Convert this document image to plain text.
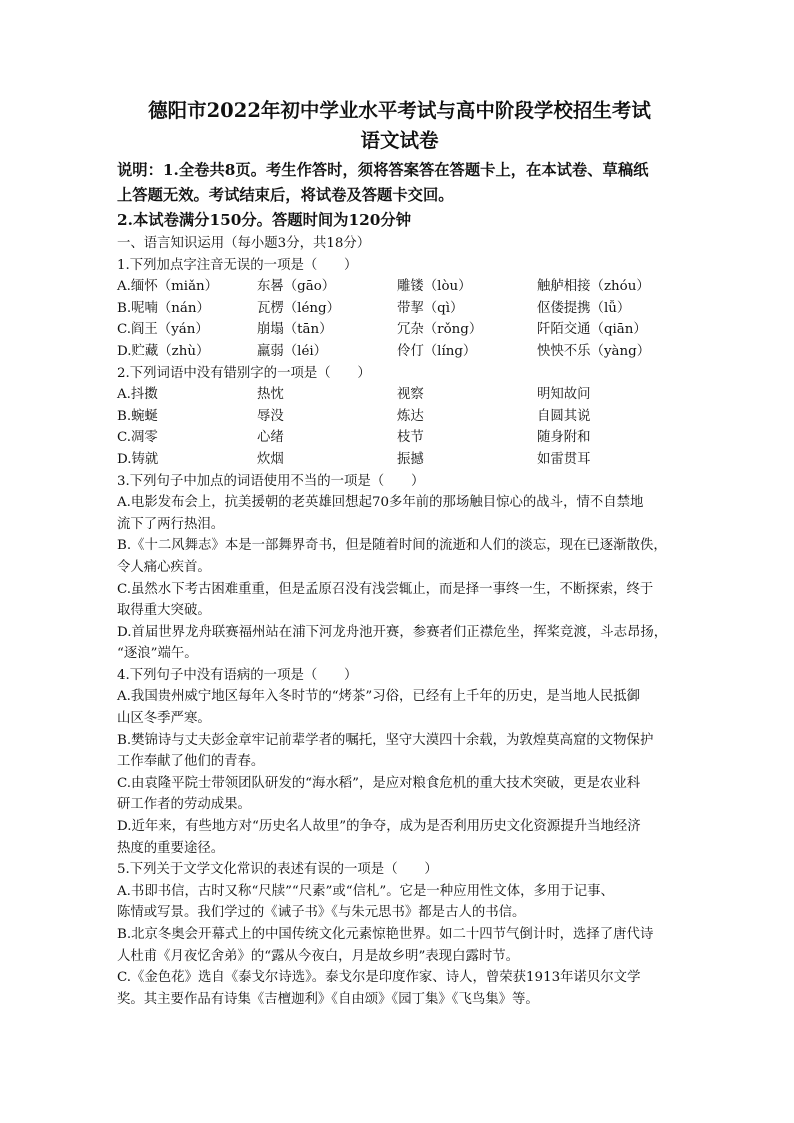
德阳市2022年初中学业水平考试与高中阶段学校招生考试
语文试卷
说明：1.全卷共8页。考生作答时，须将答案答在答题卡上，在本试卷、草稿纸
上答题无效。考试结束后，将试卷及答题卡交回。
2.本试卷满分150分。答题时间为120分钟
一、语言知识运用（每小题3分，共18分）
1.下列加点字注音无误的一项是（　　）
A.缅怀（miǎn）	东晷（gāo）	雕镂（lòu）	触舻相接（zhóu）
B.呢喃（nán）	瓦楞（léng）	带挈（qì）	伛偻提携（lǚ）
C.阎王（yán）	崩塌（tān）	冗杂（rǒng）	阡陌交通（qiān）
D.贮藏（zhù）	羸弱（léi）	伶仃（líng）	怏怏不乐（yàng）
2.下列词语中没有错别字的一项是（　　）
A.抖擞	热忱	视察	明知故问
B.蜿蜒	辱没	炼达	自圆其说
C.凋零	心绪	枝节	随身附和
D.铸就	炊烟	振撼	如雷贯耳
3.下列句子中加点的词语使用不当的一项是（　　）
A.电影发布会上，抗美援朝的老英雄回想起70多年前的那场触目惊心的战斗，情不自禁地
流下了两行热泪。
B.《十二风舞志》本是一部舞界奇书，但是随着时间的流逝和人们的淡忘，现在已逐渐散佚，
令人痛心疾首。
C.虽然水下考古困难重重，但是孟原召没有浅尝辄止，而是择一事终一生，不断探索，终于
取得重大突破。
D.首届世界龙舟联赛福州站在浦下河龙舟池开赛，参赛者们正襟危坐，挥桨竞渡，斗志昂扬，
“逐浪”端午。
4.下列句子中没有语病的一项是（　　）
A.我国贵州威宁地区每年入冬时节的“烤茶”习俗，已经有上千年的历史，是当地人民抵御
山区冬季严寒。
B.樊锦诗与丈夫彭金章牢记前辈学者的嘱托，坚守大漠四十余载，为敦煌莫高窟的文物保护
工作奉献了他们的青春。
C.由袁隆平院士带领团队研发的“海水稻”，是应对粮食危机的重大技术突破，更是农业科
研工作者的劳动成果。
D.近年来，有些地方对“历史名人故里”的争夺，成为是否利用历史文化资源提升当地经济
热度的重要途径。
5.下列关于文学文化常识的表述有误的一项是（　　）
A.书即书信，古时又称“尺牍”“尺素”或“信札”。它是一种应用性文体，多用于记事、
陈情或写景。我们学过的《诫子书》《与朱元思书》都是古人的书信。
B.北京冬奥会开幕式上的中国传统文化元素惊艳世界。如二十四节气倒计时，选择了唐代诗
人杜甫《月夜忆舍弟》的“露从今夜白，月是故乡明”表现白露时节。
C.《金色花》选自《泰戈尔诗选》。泰戈尔是印度作家、诗人，曾荣获1913年诺贝尔文学
奖。其主要作品有诗集《吉檀迦利》《自由颂》《园丁集》《飞鸟集》等。
